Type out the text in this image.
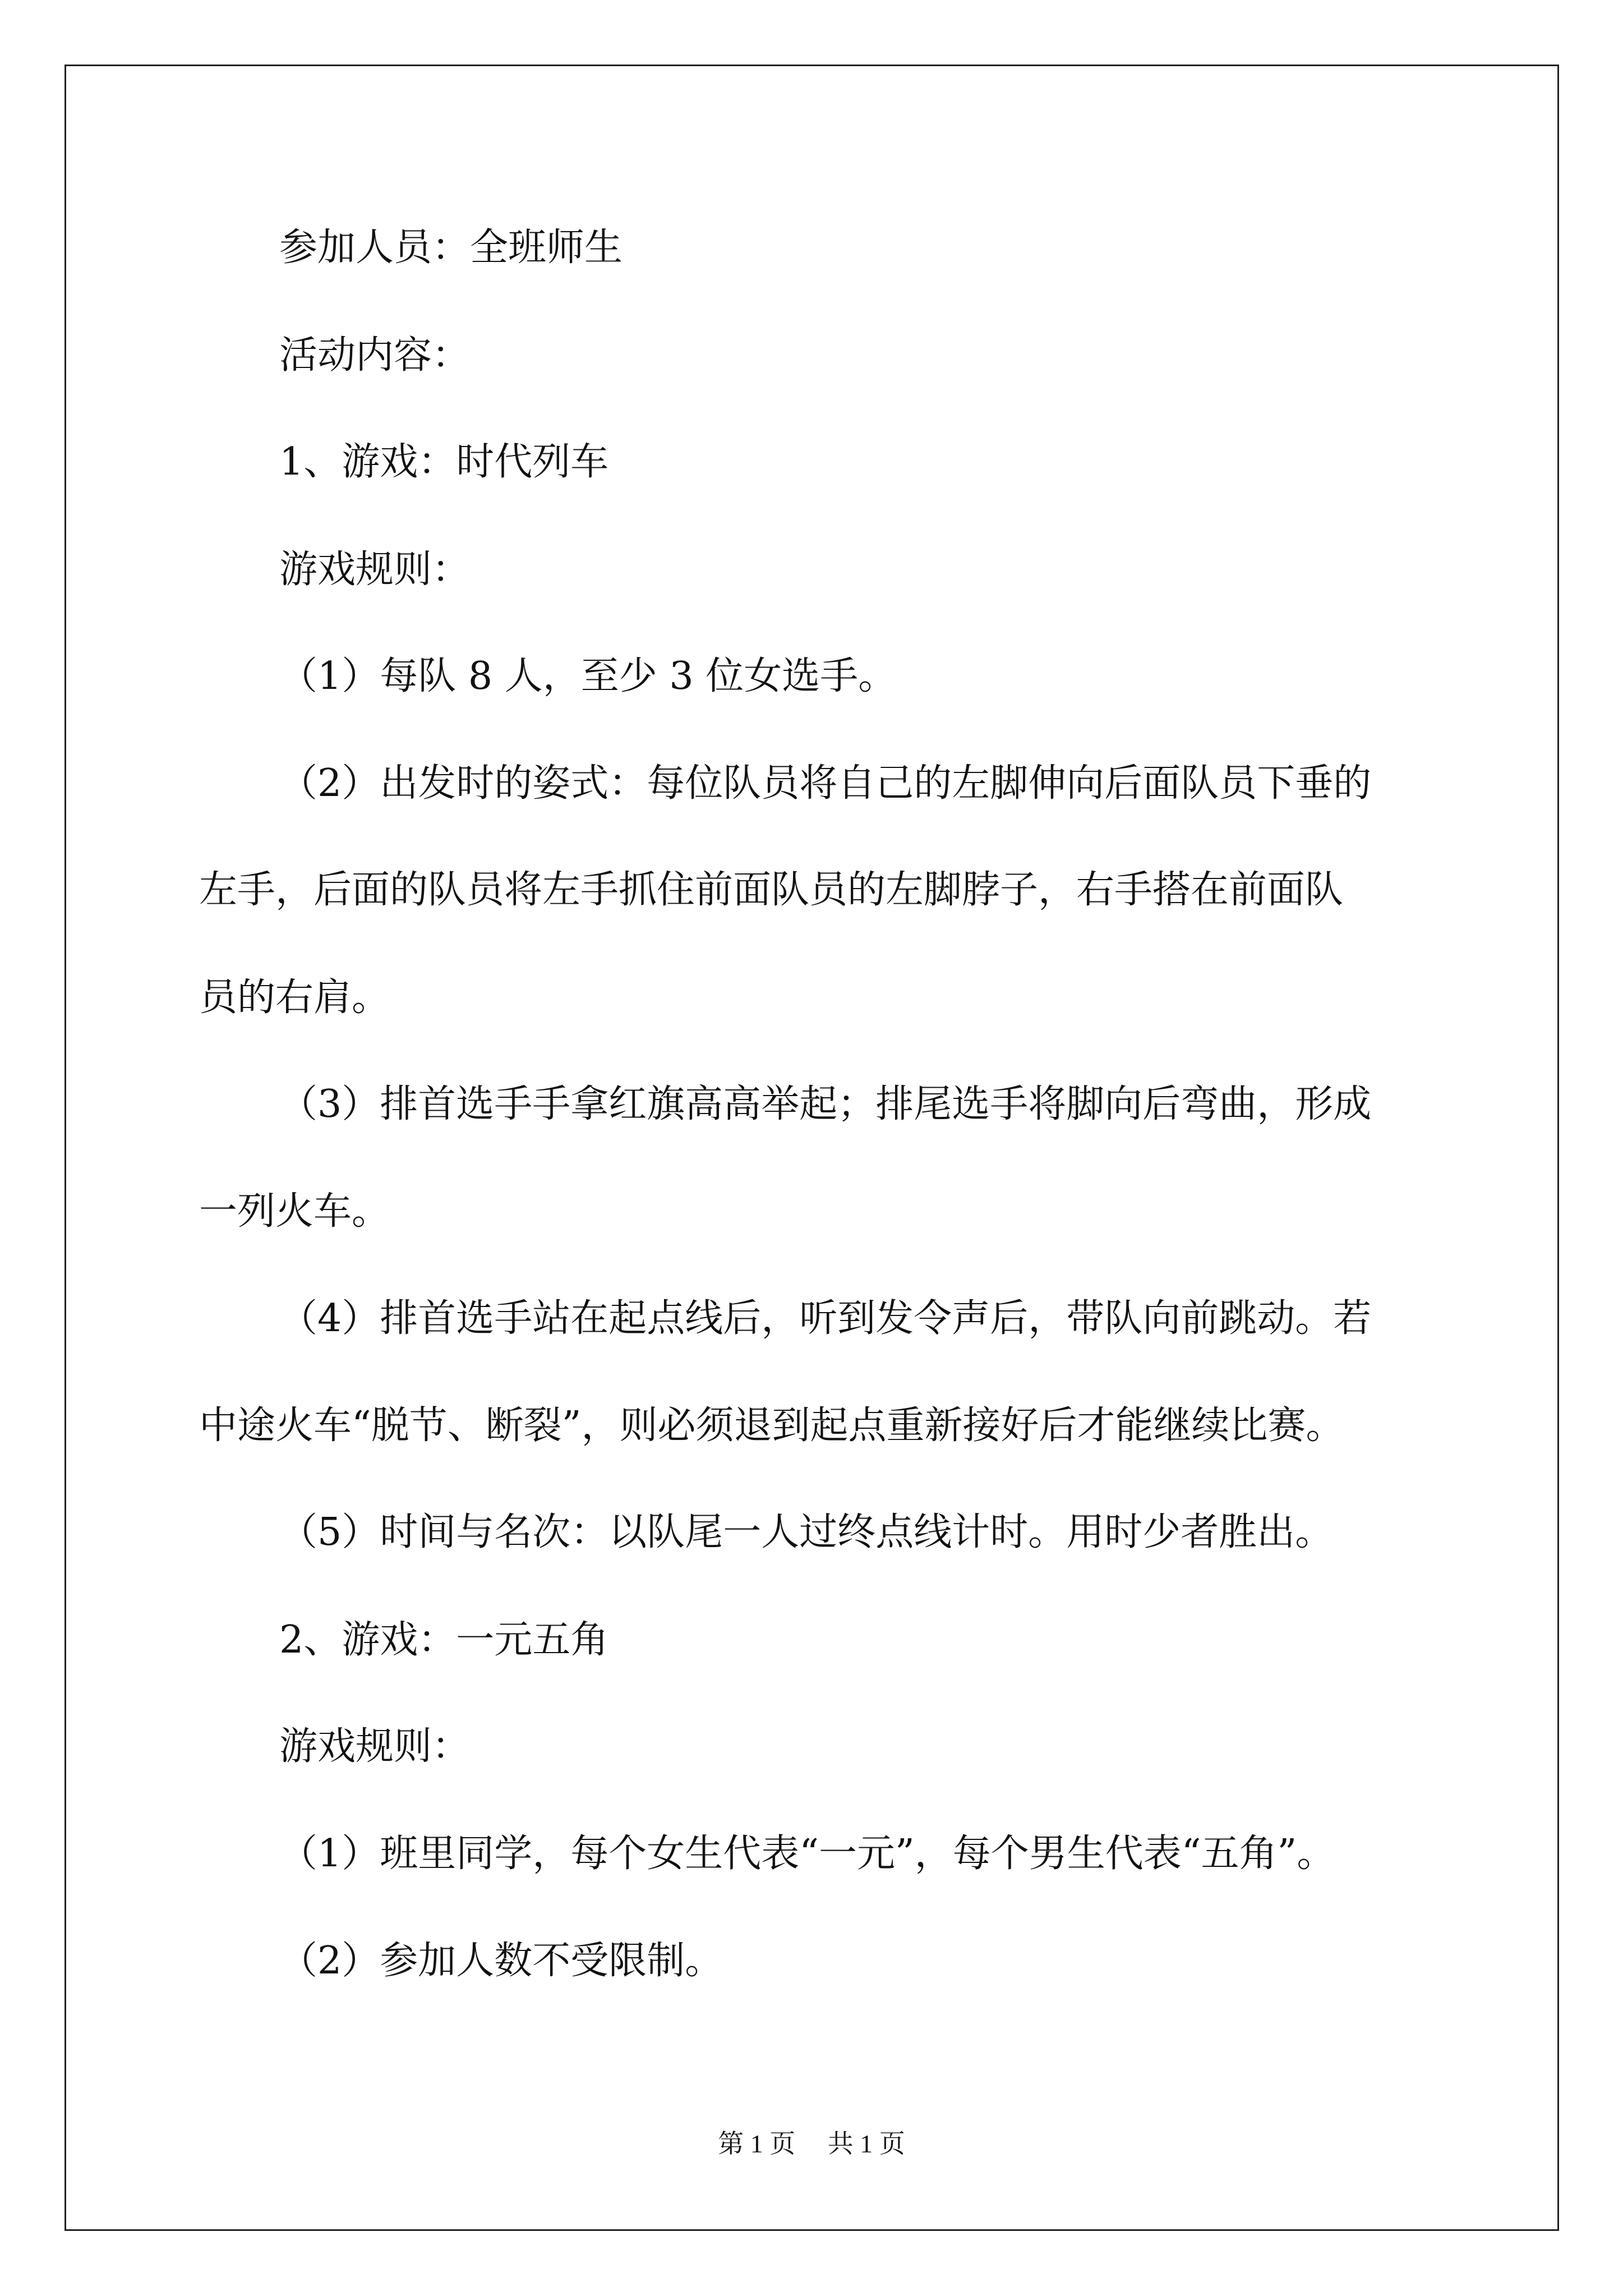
参加人员：全班师生
活动内容：
1、游戏：时代列车
游戏规则：
（1）每队 8 人，至少 3 位女选手。
（2）出发时的姿式：每位队员将自己的左脚伸向后面队员下垂的
左手，后面的队员将左手抓住前面队员的左脚脖子，右手搭在前面队
员的右肩。
（3）排首选手手拿红旗高高举起；排尾选手将脚向后弯曲，形成
一列火车。
（4）排首选手站在起点线后，听到发令声后，带队向前跳动。若
中途火车“脱节、断裂”，则必须退到起点重新接好后才能继续比赛。
（5）时间与名次：以队尾一人过终点线计时。用时少者胜出。
2、游戏：一元五角
游戏规则：
（1）班里同学，每个女生代表“一元”，每个男生代表“五角”。
（2）参加人数不受限制。
第 1 页　 共 1 页
